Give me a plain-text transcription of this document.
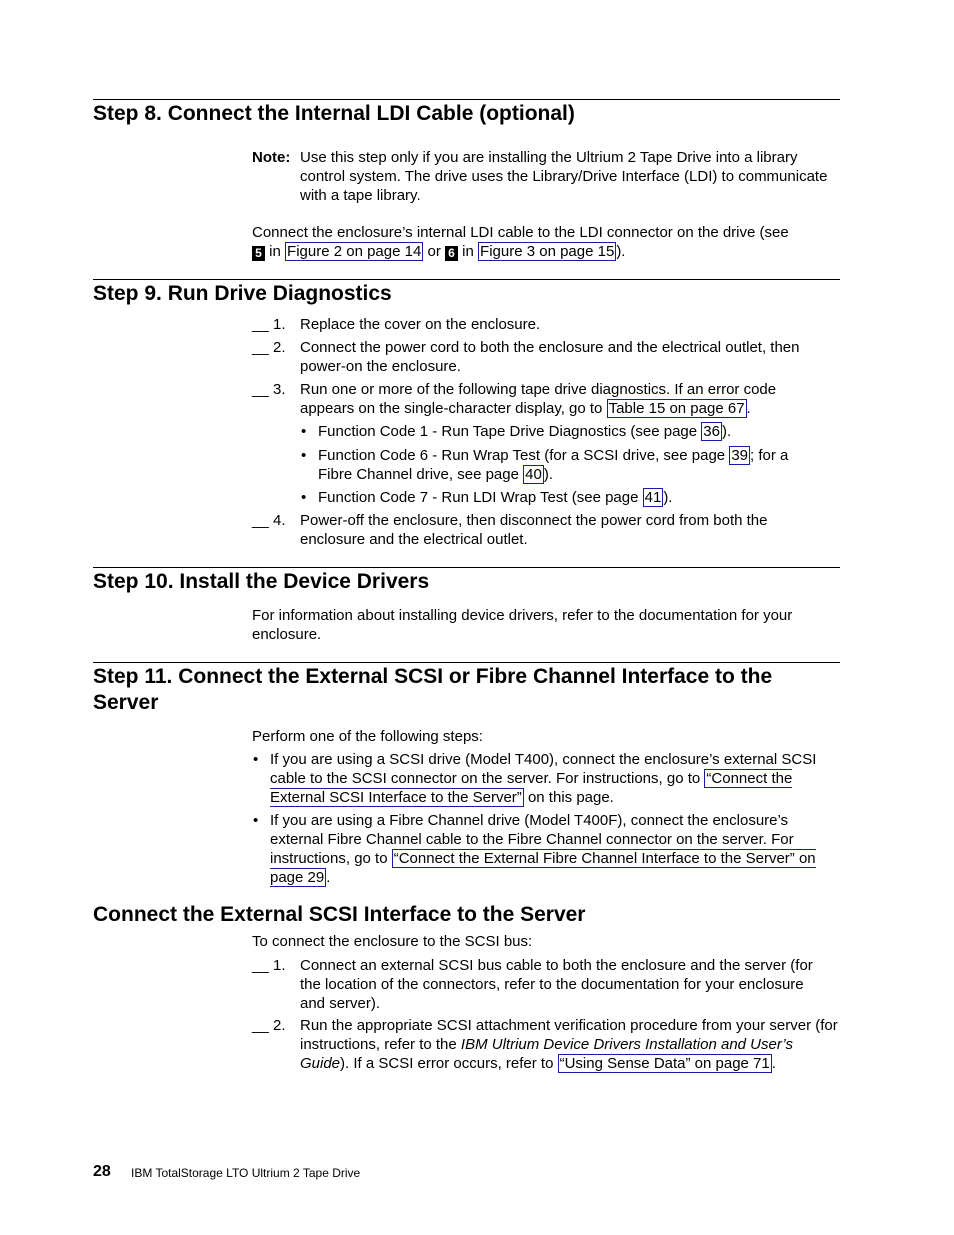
Step 8. Connect the Internal LDI Cable (optional)
Note: Use this step only if you are installing the Ultrium 2 Tape Drive into a library control system. The drive uses the Library/Drive Interface (LDI) to communicate with a tape library.
Connect the enclosure’s internal LDI cable to the LDI connector on the drive (see
5 in Figure 2 on page 14 or 6 in Figure 3 on page 15 ).
Step 9. Run Drive Diagnostics
__ 1. Replace the cover on the enclosure.
__ 2. Connect the power cord to both the enclosure and the electrical outlet, then power-on the enclosure.
__ 3. Run one or more of the following tape drive diagnostics. If an error code appears on the single-character display, go to Table 15 on page 67 .
• Function Code 1 - Run Tape Drive Diagnostics (see page 36 ).
• Function Code 6 - Run Wrap Test (for a SCSI drive, see page 39 ; for a Fibre Channel drive, see page 40 ).
• Function Code 7 - Run LDI Wrap Test (see page 41 ).
__ 4. Power-off the enclosure, then disconnect the power cord from both the enclosure and the electrical outlet.
Step 10. Install the Device Drivers
For information about installing device drivers, refer to the documentation for your enclosure.
Step 11. Connect the External SCSI or Fibre Channel Interface to the
Server
Perform one of the following steps:
• If you are using a SCSI drive (Model T400), connect the enclosure’s external SCSI cable to the SCSI connector on the server. For instructions, go to “Connect the External SCSI Interface to the Server” on this page.
• If you are using a Fibre Channel drive (Model T400F), connect the enclosure’s external Fibre Channel cable to the Fibre Channel connector on the server. For instructions, go to “Connect the External Fibre Channel Interface to the Server” on page 29 .
Connect the External SCSI Interface to the Server
To connect the enclosure to the SCSI bus:
__ 1. Connect an external SCSI bus cable to both the enclosure and the server (for the location of the connectors, refer to the documentation for your enclosure and server).
__ 2. Run the appropriate SCSI attachment verification procedure from your server (for instructions, refer to the IBM Ultrium Device Drivers Installation and User’s Guide). If a SCSI error occurs, refer to “Using Sense Data” on page 71 .
28 IBM TotalStorage LTO Ultrium 2 Tape Drive
